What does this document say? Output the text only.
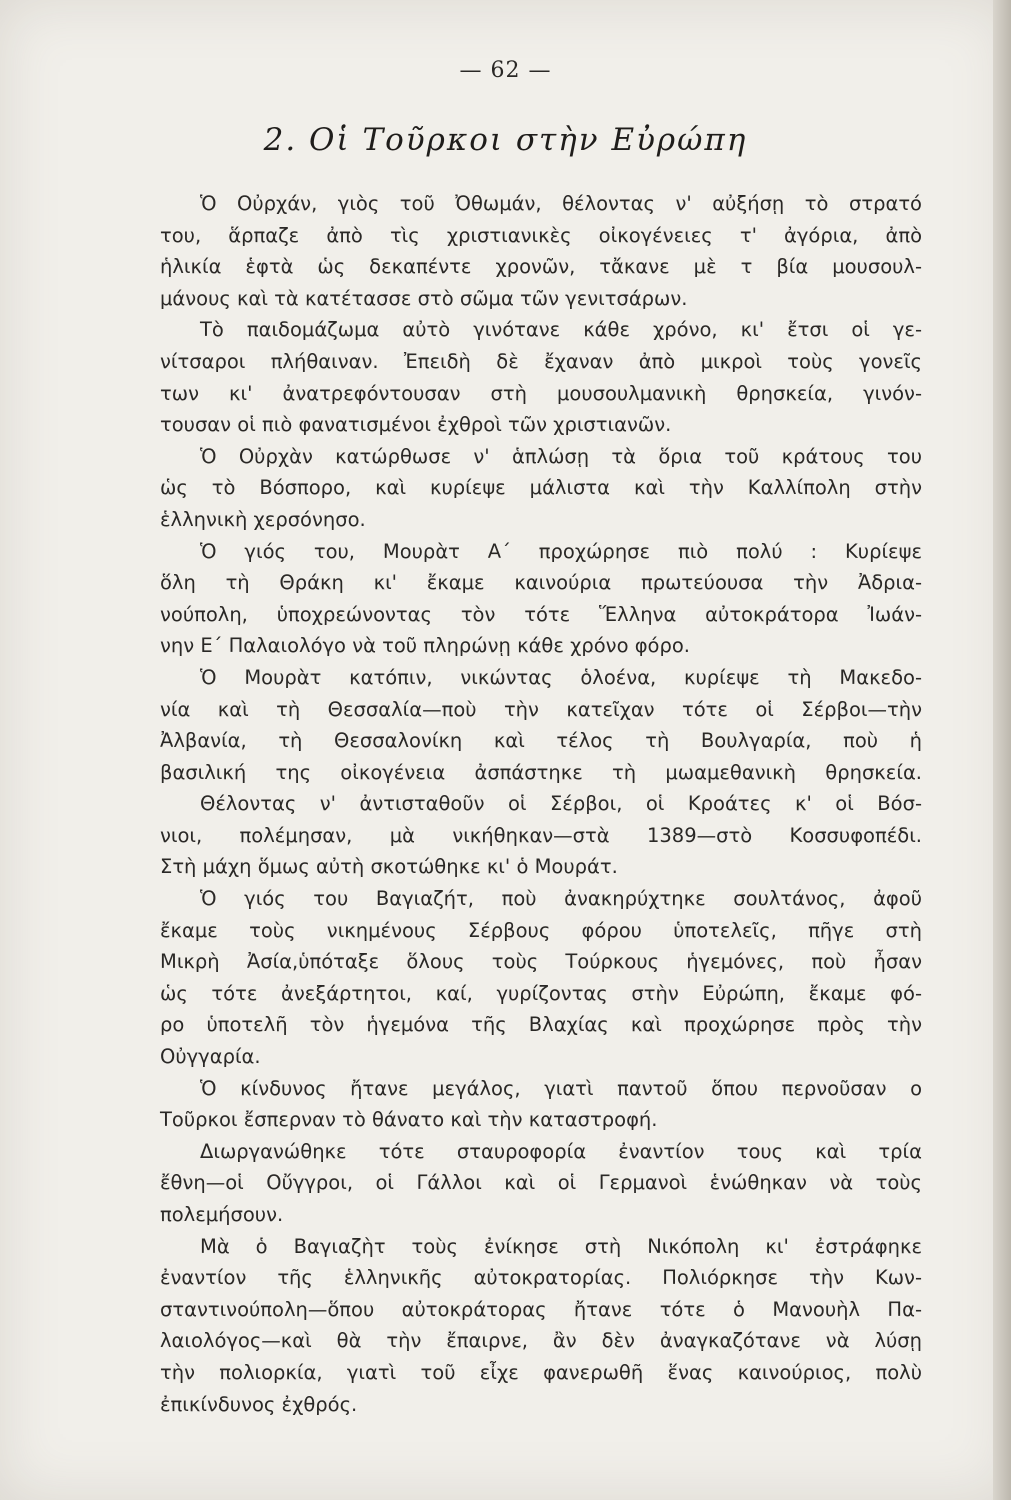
— 62 —
2. Οἱ Τοῦρκοι στὴν Εὐρώπη
Ὁ Οὐρχάν, γιὸς τοῦ Ὀθωμάν, θέλοντας ν' αὐξήσῃ τὸ στρατό
του, ἅρπαζε ἀπὸ τὶς χριστιανικὲς οἰκογένειες τ' ἀγόρια, ἀπὸ
ἡλικία ἑφτὰ ὡς δεκαπέντε χρονῶν, τἄκανε μὲ τ βία μουσουλ-
μάνους καὶ τὰ κατέτασσε στὸ σῶμα τῶν γενιτσάρων.
Τὸ παιδομάζωμα αὐτὸ γινότανε κάθε χρόνο, κι' ἔτσι οἱ γε-
νίτσαροι πλήθαιναν. Ἐπειδὴ δὲ ἔχαναν ἀπὸ μικροὶ τοὺς γονεῖς
των κι' ἀνατρεφόντουσαν στὴ μουσουλμανικὴ θρησκεία, γινόν-
τουσαν οἱ πιὸ φανατισμένοι ἐχθροὶ τῶν χριστιανῶν.
Ὁ Οὐρχὰν κατώρθωσε ν' ἁπλώσῃ τὰ ὅρια τοῦ κράτους του
ὡς τὸ Βόσπορο, καὶ κυρίεψε μάλιστα καὶ τὴν Καλλίπολη στὴν
ἑλληνικὴ χερσόνησο.
Ὁ γιός του, Μουρὰτ Α΄ προχώρησε πιὸ πολύ : Κυρίεψε
ὅλη τὴ Θράκη κι' ἔκαμε καινούρια πρωτεύουσα τὴν Ἀδρια-
νούπολη, ὑποχρεώνοντας τὸν τότε Ἕλληνα αὐτοκράτορα Ἰωάν-
νην Ε΄ Παλαιολόγο νὰ τοῦ πληρώνῃ κάθε χρόνο φόρο.
Ὁ Μουρὰτ κατόπιν, νικώντας ὁλοένα, κυρίεψε τὴ Μακεδο-
νία καὶ τὴ Θεσσαλία—ποὺ τὴν κατεῖχαν τότε οἱ Σέρβοι—τὴν
Ἀλβανία, τὴ Θεσσαλονίκη καὶ τέλος τὴ Βουλγαρία, ποὺ ἡ
βασιλική της οἰκογένεια ἀσπάστηκε τὴ μωαμεθανικὴ θρησκεία.
Θέλοντας ν' ἀντισταθοῦν οἱ Σέρβοι, οἱ Κροάτες κ' οἱ Βόσ-
νιοι, πολέμησαν, μὰ νικήθηκαν—στὰ 1389—στὸ Κοσσυφοπέδι.
Στὴ μάχη ὅμως αὐτὴ σκοτώθηκε κι' ὁ Μουράτ.
Ὁ γιός του Βαγιαζήτ, ποὺ ἀνακηρύχτηκε σουλτάνος, ἀφοῦ
ἔκαμε τοὺς νικημένους Σέρβους φόρου ὑποτελεῖς, πῆγε στὴ
Μικρὴ Ἀσία,ὑπόταξε ὅλους τοὺς Τούρκους ἡγεμόνες, ποὺ ἦσαν
ὡς τότε ἀνεξάρτητοι, καί, γυρίζοντας στὴν Εὐρώπη, ἔκαμε φό-
ρο ὑποτελῆ τὸν ἡγεμόνα τῆς Βλαχίας καὶ προχώρησε πρὸς τὴν
Οὐγγαρία.
Ὁ κίνδυνος ἤτανε μεγάλος, γιατὶ παντοῦ ὅπου περνοῦσαν ο
Τοῦρκοι ἔσπερναν τὸ θάνατο καὶ τὴν καταστροφή.
Διωργανώθηκε τότε σταυροφορία ἐναντίον τους καὶ τρία
ἔθνη—οἱ Οὔγγροι, οἱ Γάλλοι καὶ οἱ Γερμανοὶ ἑνώθηκαν νὰ τοὺς
πολεμήσουν.
Μὰ ὁ Βαγιαζὴτ τοὺς ἐνίκησε στὴ Νικόπολη κι' ἐστράφηκε
ἐναντίον τῆς ἑλληνικῆς αὐτοκρατορίας. Πολιόρκησε τὴν Κων-
σταντινούπολη—ὅπου αὐτοκράτορας ἤτανε τότε ὁ Μανουὴλ Πα-
λαιολόγος—καὶ θὰ τὴν ἔπαιρνε, ἂν δὲν ἀναγκαζότανε νὰ λύσῃ
τὴν πολιορκία, γιατὶ τοῦ εἶχε φανερωθῆ ἕνας καινούριος, πολὺ
ἐπικίνδυνος ἐχθρός.
